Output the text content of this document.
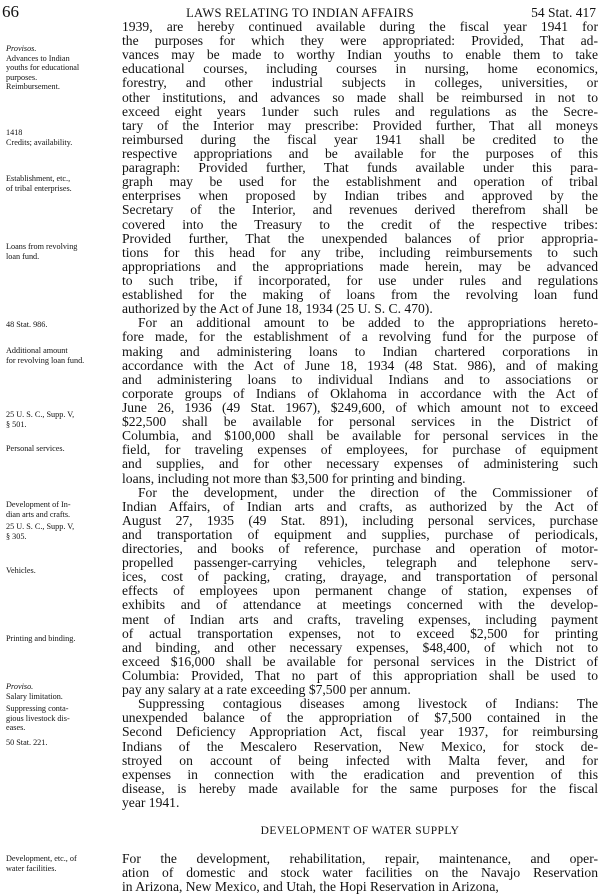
66	LAWS RELATING TO INDIAN AFFAIRS	54 Stat. 417
Provisos.
Advances to Indian
youths for educational
purposes.
Reimbursement.
1418
Credits; availability.
Establishment, etc.,
of tribal enterprises.
Loans from revolving
loan fund.
48 Stat. 986.
Additional amount
for revolving loan fund.
25 U. S. C., Supp. V,
§ 501.
Personal services.
Development of In-
dian arts and crafts.
25 U. S. C., Supp. V,
§ 305.
Vehicles.
Printing and binding.
Proviso.
Salary limitation.
Suppressing conta-
gious livestock dis-
eases.
50 Stat. 221.
Development, etc., of
water facilities.
1939, are hereby continued available during the fiscal year 1941 for
the purposes for which they were appropriated: Provided, That ad-
vances may be made to worthy Indian youths to enable them to take
educational courses, including courses in nursing, home economics,
forestry, and other industrial subjects in colleges, universities, or
other institutions, and advances so made shall be reimbursed in not to
exceed eight years 1under such rules and regulations as the Secre-
tary of the Interior may prescribe: Provided further, That all moneys
reimbursed during the fiscal year 1941 shall be credited to the
respective appropriations and be available for the purposes of this
paragraph: Provided further, That funds available under this para-
graph may be used for the establishment and operation of tribal
enterprises when proposed by Indian tribes and approved by the
Secretary of the Interior, and revenues derived therefrom shall be
covered into the Treasury to the credit of the respective tribes:
Provided further, That the unexpended balances of prior appropria-
tions for this head for any tribe, including reimbursements to such
appropriations and the appropriations made herein, may be advanced
to such tribe, if incorporated, for use under rules and regulations
established for the making of loans from the revolving loan fund
authorized by the Act of June 18, 1934 (25 U. S. C. 470).
For an additional amount to be added to the appropriations hereto-
fore made, for the establishment of a revolving fund for the purpose of
making and administering loans to Indian chartered corporations in
accordance with the Act of June 18, 1934 (48 Stat. 986), and of making
and administering loans to individual Indians and to associations or
corporate groups of Indians of Oklahoma in accordance with the Act of
June 26, 1936 (49 Stat. 1967), $249,600, of which amount not to exceed
$22,500 shall be available for personal services in the District of
Columbia, and $100,000 shall be available for personal services in the
field, for traveling expenses of employees, for purchase of equipment
and supplies, and for other necessary expenses of administering such
loans, including not more than $3,500 for printing and binding.
For the development, under the direction of the Commissioner of
Indian Affairs, of Indian arts and crafts, as authorized by the Act of
August 27, 1935 (49 Stat. 891), including personal services, purchase
and transportation of equipment and supplies, purchase of periodicals,
directories, and books of reference, purchase and operation of motor-
propelled passenger-carrying vehicles, telegraph and telephone serv-
ices, cost of packing, crating, drayage, and transportation of personal
effects of employees upon permanent change of station, expenses of
exhibits and of attendance at meetings concerned with the develop-
ment of Indian arts and crafts, traveling expenses, including payment
of actual transportation expenses, not to exceed $2,500 for printing
and binding, and other necessary expenses, $48,400, of which not to
exceed $16,000 shall be available for personal services in the District of
Columbia: Provided, That no part of this appropriation shall be used to
pay any salary at a rate exceeding $7,500 per annum.
Suppressing contagious diseases among livestock of Indians: The
unexpended balance of the appropriation of $7,500 contained in the
Second Deficiency Appropriation Act, fiscal year 1937, for reimbursing
Indians of the Mescalero Reservation, New Mexico, for stock de-
stroyed on account of being infected with Malta fever, and for
expenses in connection with the eradication and prevention of this
disease, is hereby made available for the same purposes for the fiscal
year 1941.
DEVELOPMENT OF WATER SUPPLY
For the development, rehabilitation, repair, maintenance, and oper-
ation of domestic and stock water facilities on the Navajo Reservation
in Arizona, New Mexico, and Utah, the Hopi Reservation in Arizona,
